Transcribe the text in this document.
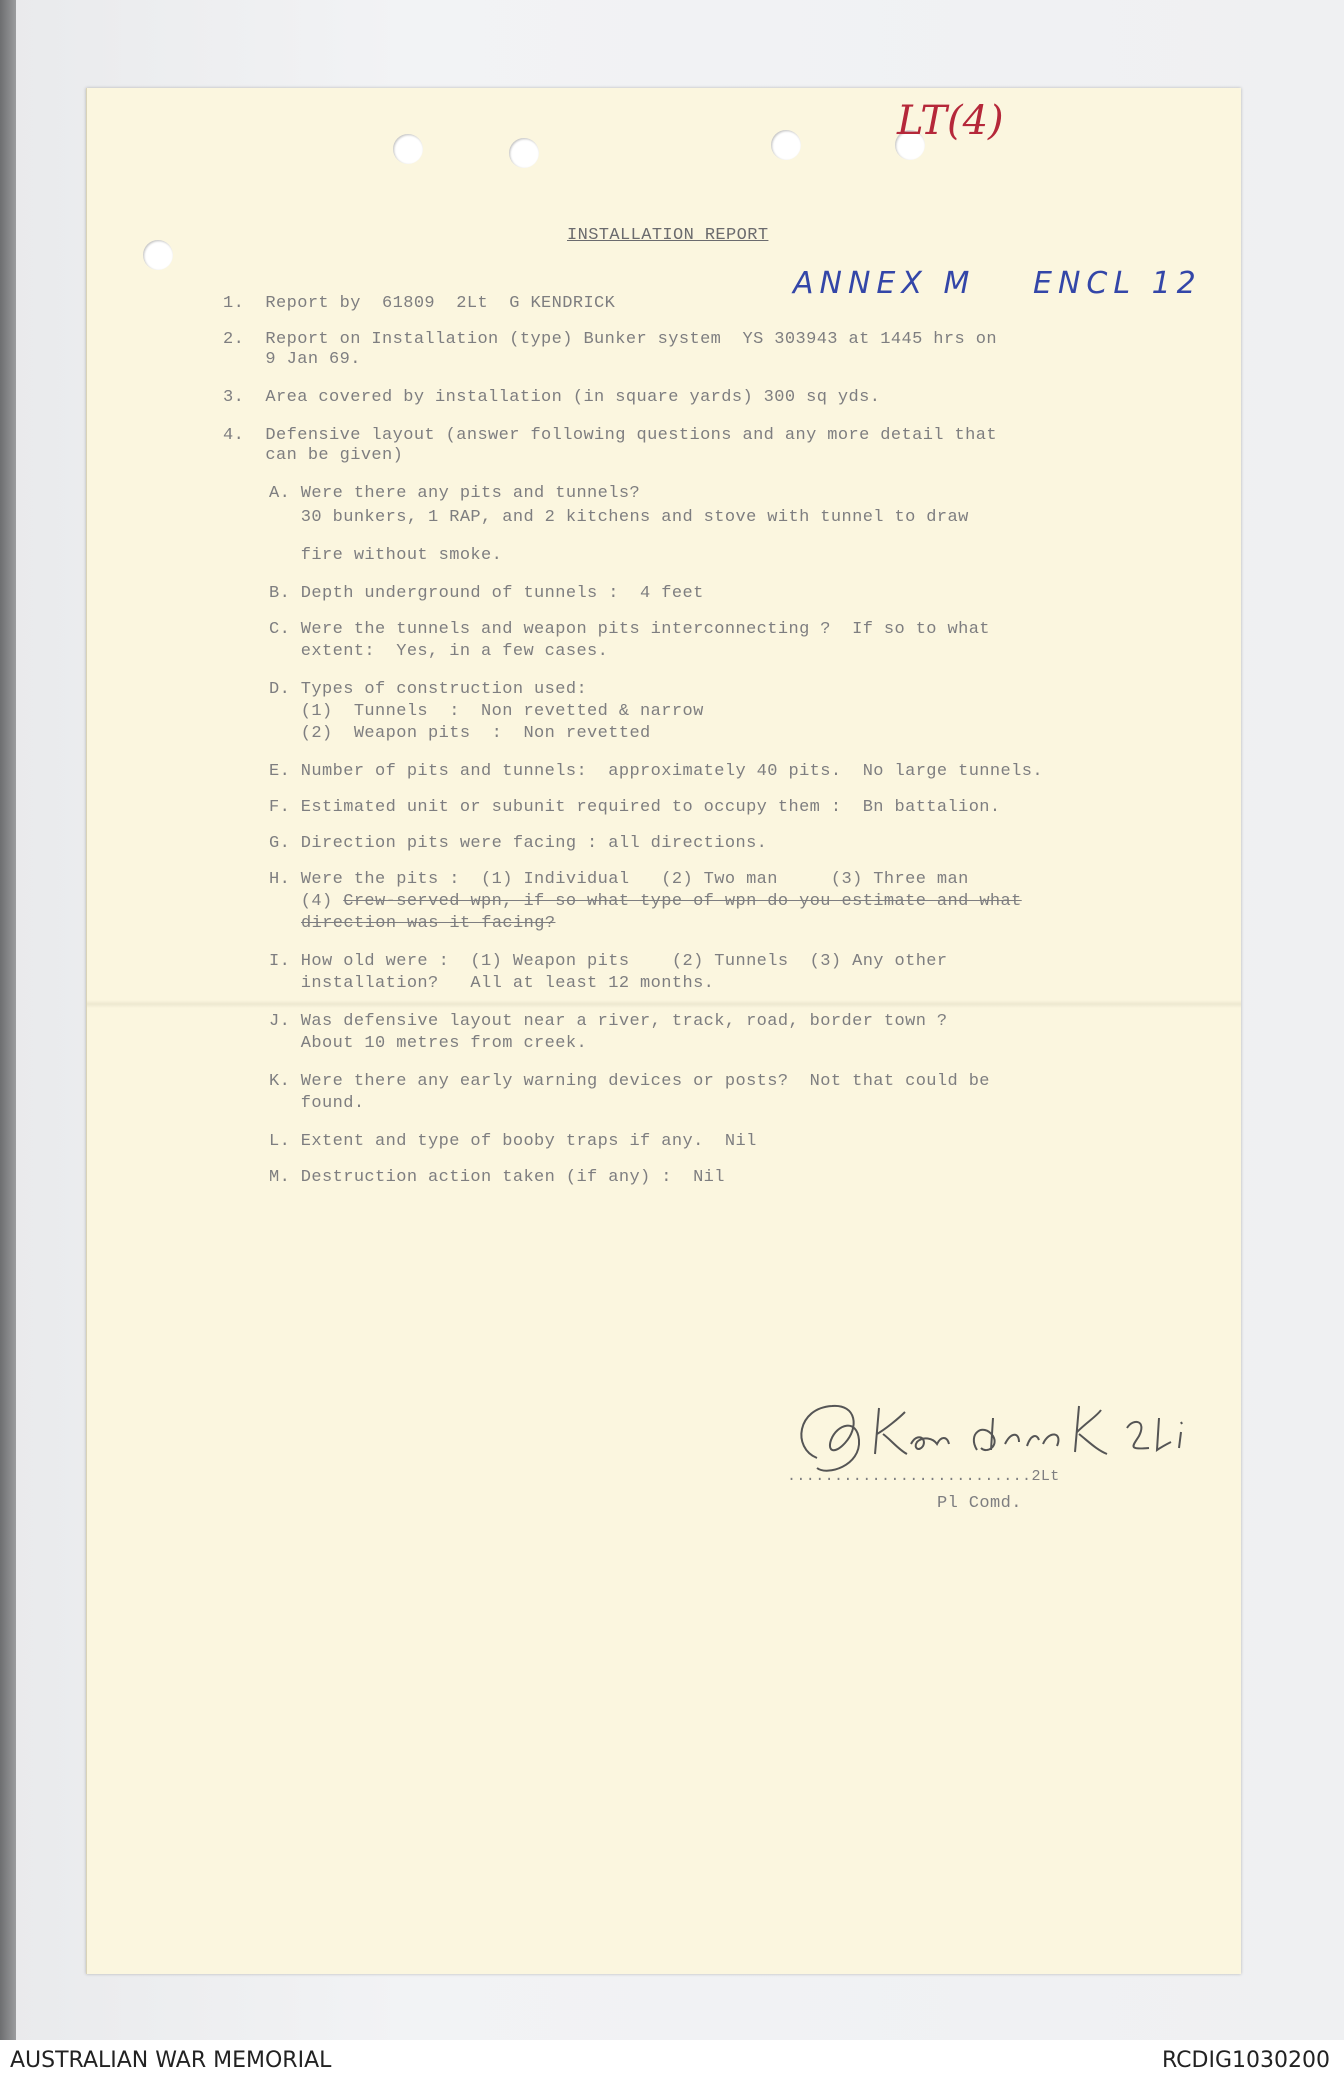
LT(4)
ANNEX M ENCL 12
INSTALLATION REPORT
1.  Report by  61809  2Lt  G KENDRICK
2.  Report on Installation (type) Bunker system  YS 303943 at 1445 hrs on
9 Jan 69.
3.  Area covered by installation (in square yards) 300 sq yds.
4.  Defensive layout (answer following questions and any more detail that
can be given)
A. Were there any pits and tunnels?
30 bunkers, 1 RAP, and 2 kitchens and stove with tunnel to draw
fire without smoke.
B. Depth underground of tunnels :  4 feet
C. Were the tunnels and weapon pits interconnecting ?  If so to what
extent:  Yes, in a few cases.
D. Types of construction used:
(1)  Tunnels  :  Non revetted & narrow
(2)  Weapon pits  :  Non revetted
E. Number of pits and tunnels:  approximately 40 pits.  No large tunnels.
F. Estimated unit or subunit required to occupy them :  Bn battalion.
G. Direction pits were facing : all directions.
H. Were the pits :  (1) Individual   (2) Two man     (3) Three man
(4) Crew-served wpn, if so what type of wpn do you estimate and what
direction was it facing?
I. How old were :  (1) Weapon pits    (2) Tunnels  (3) Any other
installation?   All at least 12 months.
J. Was defensive layout near a river, track, road, border town ?
About 10 metres from creek.
K. Were there any early warning devices or posts?  Not that could be
found.
L. Extent and type of booby traps if any.  Nil
M. Destruction action taken (if any) :  Nil
..........................2Lt
Pl Comd.
AUSTRALIAN WAR MEMORIAL	RCDIG1030200
